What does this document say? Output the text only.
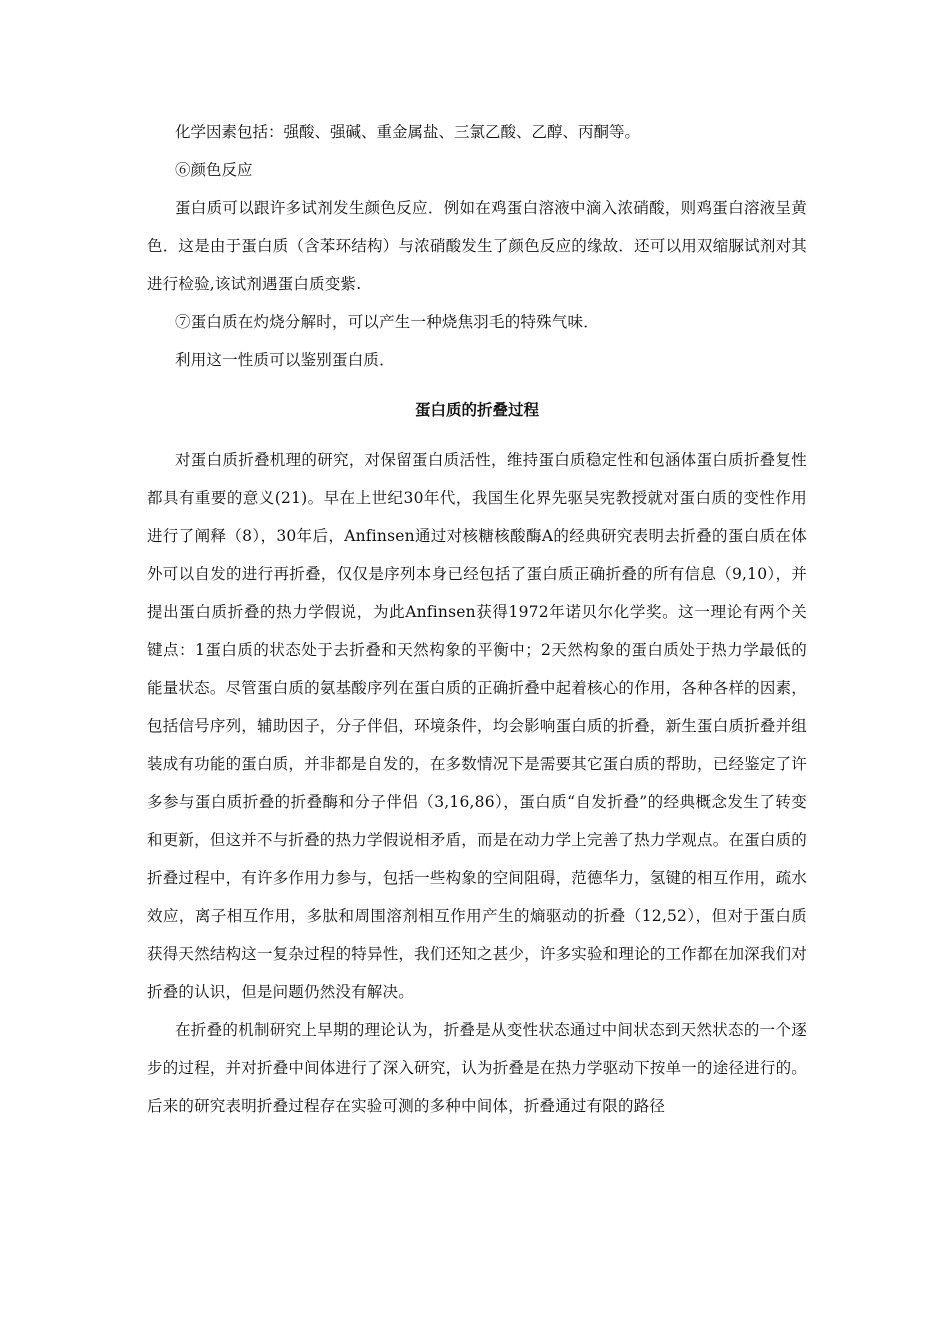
化学因素包括：强酸、强碱、重金属盐、三氯乙酸、乙醇、丙酮等。

⑥颜色反应

蛋白质可以跟许多试剂发生颜色反应．例如在鸡蛋白溶液中滴入浓硝酸，则鸡蛋白溶液呈黄色．这是由于蛋白质（含苯环结构）与浓硝酸发生了颜色反应的缘故．还可以用双缩脲试剂对其进行检验,该试剂遇蛋白质变紫.

⑦蛋白质在灼烧分解时，可以产生一种烧焦羽毛的特殊气味．

利用这一性质可以鉴别蛋白质．

蛋白质的折叠过程

对蛋白质折叠机理的研究，对保留蛋白质活性，维持蛋白质稳定性和包涵体蛋白质折叠复性都具有重要的意义(21)。早在上世纪30年代，我国生化界先驱吴宪教授就对蛋白质的变性作用进行了阐释（8），30年后，Anfinsen通过对核糖核酸酶A的经典研究表明去折叠的蛋白质在体外可以自发的进行再折叠，仅仅是序列本身已经包括了蛋白质正确折叠的所有信息（9,10），并提出蛋白质折叠的热力学假说，为此Anfinsen获得1972年诺贝尔化学奖。这一理论有两个关键点：1蛋白质的状态处于去折叠和天然构象的平衡中；2天然构象的蛋白质处于热力学最低的能量状态。尽管蛋白质的氨基酸序列在蛋白质的正确折叠中起着核心的作用，各种各样的因素，包括信号序列，辅助因子，分子伴侣，环境条件，均会影响蛋白质的折叠，新生蛋白质折叠并组装成有功能的蛋白质，并非都是自发的，在多数情况下是需要其它蛋白质的帮助，已经鉴定了许多参与蛋白质折叠的折叠酶和分子伴侣（3,16,86），蛋白质“自发折叠”的经典概念发生了转变和更新，但这并不与折叠的热力学假说相矛盾，而是在动力学上完善了热力学观点。在蛋白质的折叠过程中，有许多作用力参与，包括一些构象的空间阻碍，范德华力，氢键的相互作用，疏水效应，离子相互作用，多肽和周围溶剂相互作用产生的熵驱动的折叠（12,52），但对于蛋白质获得天然结构这一复杂过程的特异性，我们还知之甚少，许多实验和理论的工作都在加深我们对折叠的认识，但是问题仍然没有解决。

在折叠的机制研究上早期的理论认为，折叠是从变性状态通过中间状态到天然状态的一个逐步的过程，并对折叠中间体进行了深入研究，认为折叠是在热力学驱动下按单一的途径进行的。后来的研究表明折叠过程存在实验可测的多种中间体，折叠通过有限的路径
